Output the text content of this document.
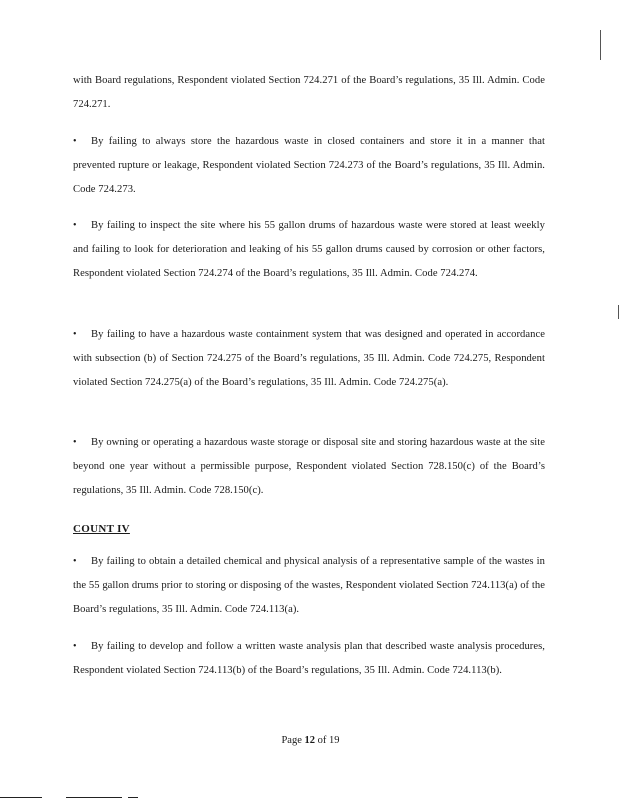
with Board regulations, Respondent violated Section 724.271 of the Board’s regulations, 35 Ill. Admin. Code 724.271.
• By failing to always store the hazardous waste in closed containers and store it in a manner that prevented rupture or leakage, Respondent violated Section 724.273 of the Board’s regulations, 35 Ill. Admin. Code 724.273.
• By failing to inspect the site where his 55 gallon drums of hazardous waste were stored at least weekly and failing to look for deterioration and leaking of his 55 gallon drums caused by corrosion or other factors, Respondent violated Section 724.274 of the Board’s regulations, 35 Ill. Admin. Code 724.274.
• By failing to have a hazardous waste containment system that was designed and operated in accordance with subsection (b) of Section 724.275 of the Board’s regulations, 35 Ill. Admin. Code 724.275, Respondent violated Section 724.275(a) of the Board’s regulations, 35 Ill. Admin. Code 724.275(a).
• By owning or operating a hazardous waste storage or disposal site and storing hazardous waste at the site beyond one year without a permissible purpose, Respondent violated Section 728.150(c) of the Board’s regulations, 35 Ill. Admin. Code 728.150(c).
COUNT IV
• By failing to obtain a detailed chemical and physical analysis of a representative sample of the wastes in the 55 gallon drums prior to storing or disposing of the wastes, Respondent violated Section 724.113(a) of the Board’s regulations, 35 Ill. Admin. Code 724.113(a).
• By failing to develop and follow a written waste analysis plan that described waste analysis procedures, Respondent violated Section 724.113(b) of the Board’s regulations, 35 Ill. Admin. Code 724.113(b).
Page 12 of 19
